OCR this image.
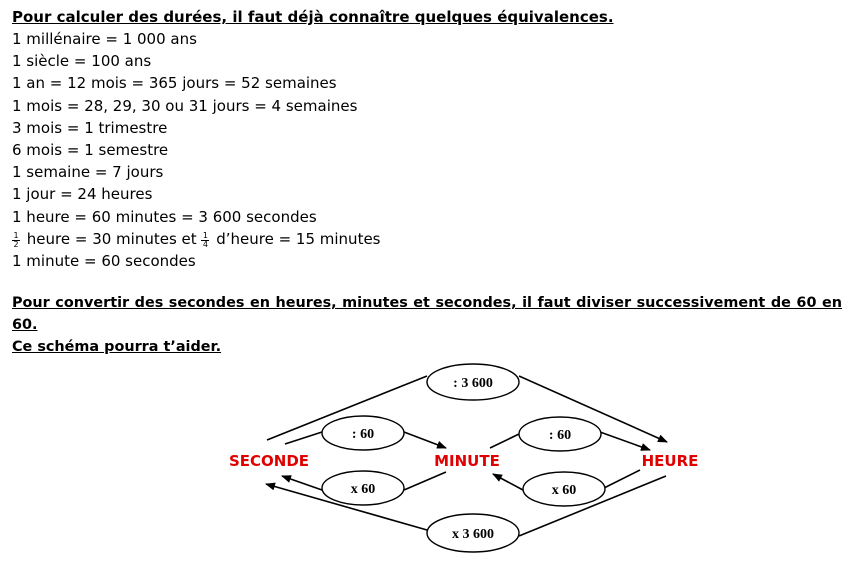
Pour calculer des durées, il faut déjà connaître quelques équivalences.
1 millénaire = 1 000 ans
1 siècle = 100 ans
1 an = 12 mois = 365 jours = 52 semaines
1 mois = 28, 29, 30 ou 31 jours = 4 semaines
3 mois = 1 trimestre
6 mois = 1 semestre
1 semaine = 7 jours
1 jour = 24 heures
1 heure = 60 minutes = 3 600 secondes
$\frac{1}{2}$ heure = 30 minutes et $\frac{1}{4}$ d’heure = 15 minutes
1 minute = 60 secondes
Pour convertir des secondes en heures, minutes et secondes, il faut diviser successivement de 60 en 60.
Ce schéma pourra t’aider.
: 3 600
: 60
x 60
: 60
x 60
x 3 600
SECONDE	MINUTE	HEURE
